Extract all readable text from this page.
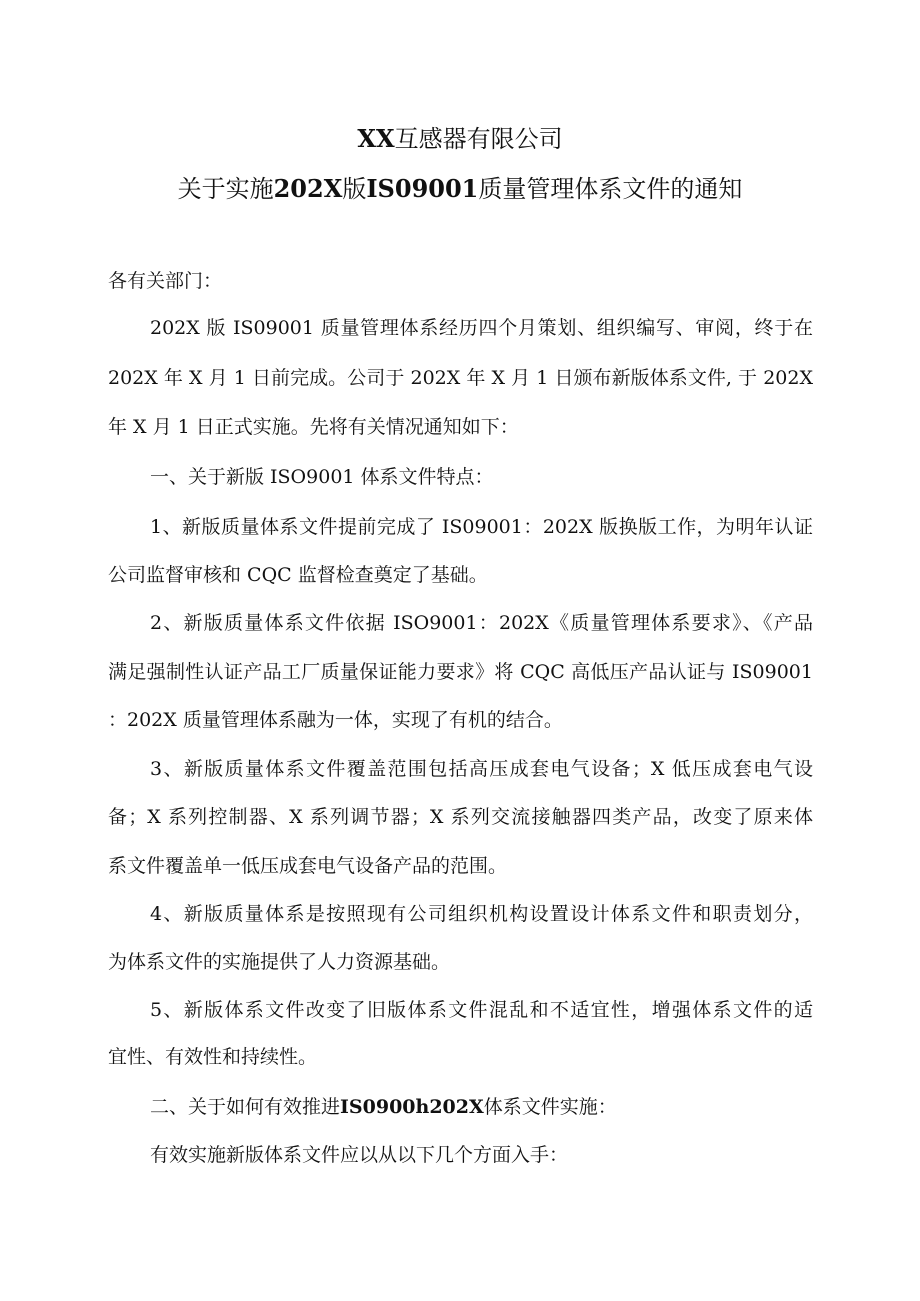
XX互感器有限公司
关于实施202X版IS09001质量管理体系文件的通知
各有关部门：
202X 版 IS09001 质量管理体系经历四个月策划、组织编写、审阅，终于在
202X 年 X 月 1 日前完成。公司于 202X 年 X 月 1 日颁布新版体系文件, 于 202X
年 X 月 1 日正式实施。先将有关情况通知如下：
一、关于新版 ISO9001 体系文件特点：
1、新版质量体系文件提前完成了 IS09001：202X 版换版工作，为明年认证
公司监督审核和 CQC 监督检查奠定了基础。
2、新版质量体系文件依据 ISO9001：202X《质量管理体系要求》、《产品
满足强制性认证产品工厂质量保证能力要求》将 CQC 高低压产品认证与 IS09001
：202X 质量管理体系融为一体，实现了有机的结合。
3、新版质量体系文件覆盖范围包括高压成套电气设备；X 低压成套电气设
备；X 系列控制器、X 系列调节器；X 系列交流接触器四类产品，改变了原来体
系文件覆盖单一低压成套电气设备产品的范围。
4、新版质量体系是按照现有公司组织机构设置设计体系文件和职责划分，
为体系文件的实施提供了人力资源基础。
5、新版体系文件改变了旧版体系文件混乱和不适宜性，增强体系文件的适
宜性、有效性和持续性。
二、关于如何有效推进IS0900h202X体系文件实施：
有效实施新版体系文件应以从以下几个方面入手：
